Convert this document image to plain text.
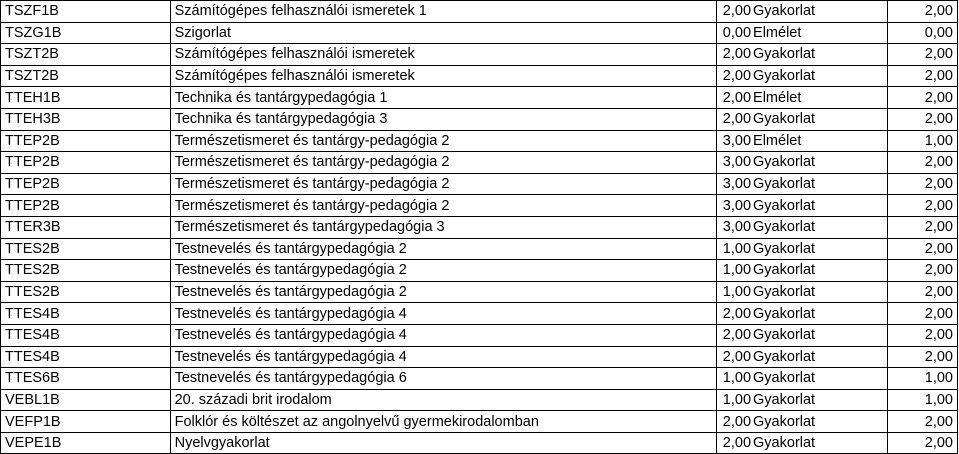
TSZF1B	Számítógépes felhasználói ismeretek 1	2,00	Gyakorlat	2,00
TSZG1B	Szigorlat	0,00	Elmélet	0,00
TSZT2B	Számítógépes felhasználói ismeretek	2,00	Gyakorlat	2,00
TSZT2B	Számítógépes felhasználói ismeretek	2,00	Gyakorlat	2,00
TTEH1B	Technika és tantárgypedagógia 1	2,00	Elmélet	2,00
TTEH3B	Technika és tantárgypedagógia 3	2,00	Gyakorlat	2,00
TTEP2B	Természetismeret és tantárgy-pedagógia 2	3,00	Elmélet	1,00
TTEP2B	Természetismeret és tantárgy-pedagógia 2	3,00	Gyakorlat	2,00
TTEP2B	Természetismeret és tantárgy-pedagógia 2	3,00	Gyakorlat	2,00
TTEP2B	Természetismeret és tantárgy-pedagógia 2	3,00	Gyakorlat	2,00
TTER3B	Természetismeret és tantárgypedagógia 3	3,00	Gyakorlat	2,00
TTES2B	Testnevelés és tantárgypedagógia 2	1,00	Gyakorlat	2,00
TTES2B	Testnevelés és tantárgypedagógia 2	1,00	Gyakorlat	2,00
TTES2B	Testnevelés és tantárgypedagógia 2	1,00	Gyakorlat	2,00
TTES4B	Testnevelés és tantárgypedagógia 4	2,00	Gyakorlat	2,00
TTES4B	Testnevelés és tantárgypedagógia 4	2,00	Gyakorlat	2,00
TTES4B	Testnevelés és tantárgypedagógia 4	2,00	Gyakorlat	2,00
TTES6B	Testnevelés és tantárgypedagógia 6	1,00	Gyakorlat	1,00
VEBL1B	20. századi brit irodalom	1,00	Gyakorlat	1,00
VEFP1B	Folklór és költészet az angolnyelvű gyermekirodalomban	2,00	Gyakorlat	2,00
VEPE1B	Nyelvgyakorlat	2,00	Gyakorlat	2,00
